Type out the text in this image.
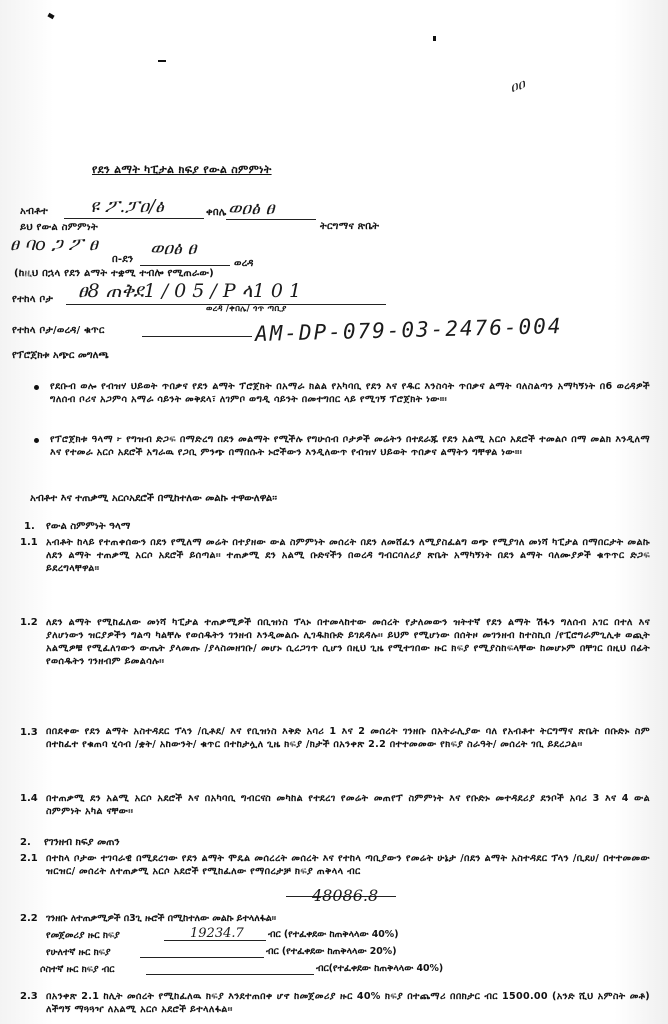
ዐዐ
የደን ልማት ካፒታል ክፍያ የውል ስምምነት
አብቶተ ዩ ፖ.ፓዐ/ፅ	ቀበሌ ወዐፅ ፀ
ትርግማና ጽቤት
ይህ የውል ስምምነት
ፀ ባo ጋ ፖ ፀ
በ-ደን
ወዐፅ ፀ
ወረዳ
(ከዚህ በኋላ የደን ልማት ተቋሚ ተብሎ የሚጠራው)
የተከላ ቦታ ፀ8 ጠቅደ1 / 0 5 / P ላ1 0 1
ወረዳ /ቀበሌ/ ጎጥ ጣቢያ
የተከላ ቦታ/ወረዳ/ ቁጥር	AM-DP-079-03-2476-004
የፕሮጀክቱ አጭር መግለጫ
የደቡብ ወሎ የብዝሃ ህይወት ጥበቃና የደን ልማት ፕሮጀክት በአማራ ክልል የአካባቢ የደን እና የዱር እንስሳት ጥበቃና ልማት ባለስልጣን አማካኝነት በ6 ወረዳዎች ግለሰብ ቦሪና አጋምሳ አማራ ሳይንት መቅደላ፣ ለገምቦ ወግዲ ሳይንት በመተግበር ላይ የሚገኝ ፕሮጀክት ነው።፡
የፕሮጀክቱ ዓላማ ፦ የግዝብ ድጋፍ በማድረግ በደን መልማት የሚችሉ የግሁሰብ ቦታዎች መሬትን በተደራጁ የደን አልሚ አርሶ አደሮች ተመልሶ በማ መልክ እንዲለማ እና የተመራ አርሶ አደሮች አግራዉ የጋቢ ምንጭ በማበሱት ኑሮችውን እንዲለውጥ የብዝሃ ህይወት ጥበቃና ልማትን ግቸዋል ነው።፡
አብቶተ እና ተጠቃሚ አርሶአደሮች በሚከተለው መልኩ ተዋውለዋል፡፡
1. የውል ስምምነት ዓላማ
1.1 አብቶት ከላይ የተጠቀሰውን በደን የሚለማ መሬት በተያዘው ውል ስምምነት መሰረት በደን ለመሸፈን ለሚያስፈልግ ወጭ የሚያገለ መነሻ ካፒታል በማበርታት መልኩ ለደን ልማት ተጠቃሚ አርሶ አደሮች ይሰጣል፡፡ ተጠቃሚ ደን አልሚ ቡድናችን በወረዳ ግብርባለሪያ ጽቤት አማካኝነት በደን ልማት ባለሙያዎች ቁጥጥር ድጋፍ ይደረግላቸዋል።
1.2 ለደን ልማት የሚከፈለው መነሻ ካፒታል ተጠቃሚዎች በቢዝነስ ፕላኑ በተመላከተው መሰረት የታለመውን ዝትተኛ የደን ልማት ሽፋን ግለሰብ አገር በተለ እና ያለሆነውን ዝርያዎችን ግልጣ ካልቸሉ የወሰዱትን ገንዘብ እንዲመልሱ ሊገዱክቡድ ይገደዳሉ፡፡ ይህም የሚሆነው በሰትዞ መገንዘብ ከተስኪበ /የፒሮግራምጊሊቱ ወጪት አልሚዎቹ የሚፈለገውን ውጤት ያላመጡ /ያላስመዘገቡ/ መሆኑ ሲረጋገጥ ሲሆን በዚህ ጊዜ የሚተገበው ዙር ክፍያ የሚያስከፍላቸው ከመሆኑም በቸገር በዚህ በፊት የወሰዱትን ገንዘብም ይመልሳሉ፡፡
1.3 በበደቀው የደን ልማት አስተዳደር ፕላን /ቢቶደ/ እና የቢዝነስ እቅድ አባሪ 1 እና 2 መሰረት ገንዘቡ በአትራሊያው ባለ የአብቶተ ትርግማና ጽቤት በቡድኑ ስም በተከፈተ የቁጠባ ሂሳብ /ቋት/ አከውንት/ ቁጥር በተከታሏለ ጊዜ ክፍያ /ክታች በአንቀጽ 2.2 በተተመመው የክፍያ ስራዓት/ መሰረት ገቢ ይደረጋል፡፡
1.4 በተጠቃሚ ደን አልሚ አርሶ አደሮች እና በአካባቢ ግብርናስ መካከል የተደረገ የመሬት መጠየፕ ስምምነት እና የቡድኑ መተዳደሪያ ደንቦች አባሪ 3 እና 4 ውል ስምምነት አካል ናቸው፡፡
2. የገንዘብ ክፍያ መጠን
2.1 በተከላ ቦታው ተገባራዊ በሚደረገው የደን ልማት ሞዴል መሰረረት መሰረት እና የተከላ ጣቢያውን የመሬት ሁኔታ /በደን ልማት አስተዳደር ፕላን /ቢደሀ/ በተተመመው ዝርዝር/ መሰረት ለተጠቃሚ አርሶ አደሮች የሚከፈለው የማበረታቻ ክፍያ ጠቅላላ ብር
48086.8
2.2 ገንዘቡ ለተጠቃሚዎች በ3ጊ ዙሮች በሚከተለው መልኩ ይተላለፋል፡፡
የመጀመሪያ ዙር ክፍያ	19234.7	ብር (የተፈቀደው ከጠቅላላው 40%)
የሁለተኛ ዙር ክፍያ	ብር (የተፈቀደው ከጠቅላላው 20%)
ሶስተኛ ዙር ክፍያ ብር	ብር(የተፈቀደው ከጠቅላላው 40%)
2.3 በአንቀጽ 2.1 ከሊት መሰረት የሚከፈለዉ ክፍያ እንደተጠበቀ ሆኖ ከመጀመሪያ ዙር 40% ክፍያ በተጨማሪ በበክታር ብር 1500.00 (አንድ ሺህ አምስት መቶ) ለችግኝ ማጓጓዣ ለአልሚ አርሶ አደሮች ይተላለፋል፡፡
